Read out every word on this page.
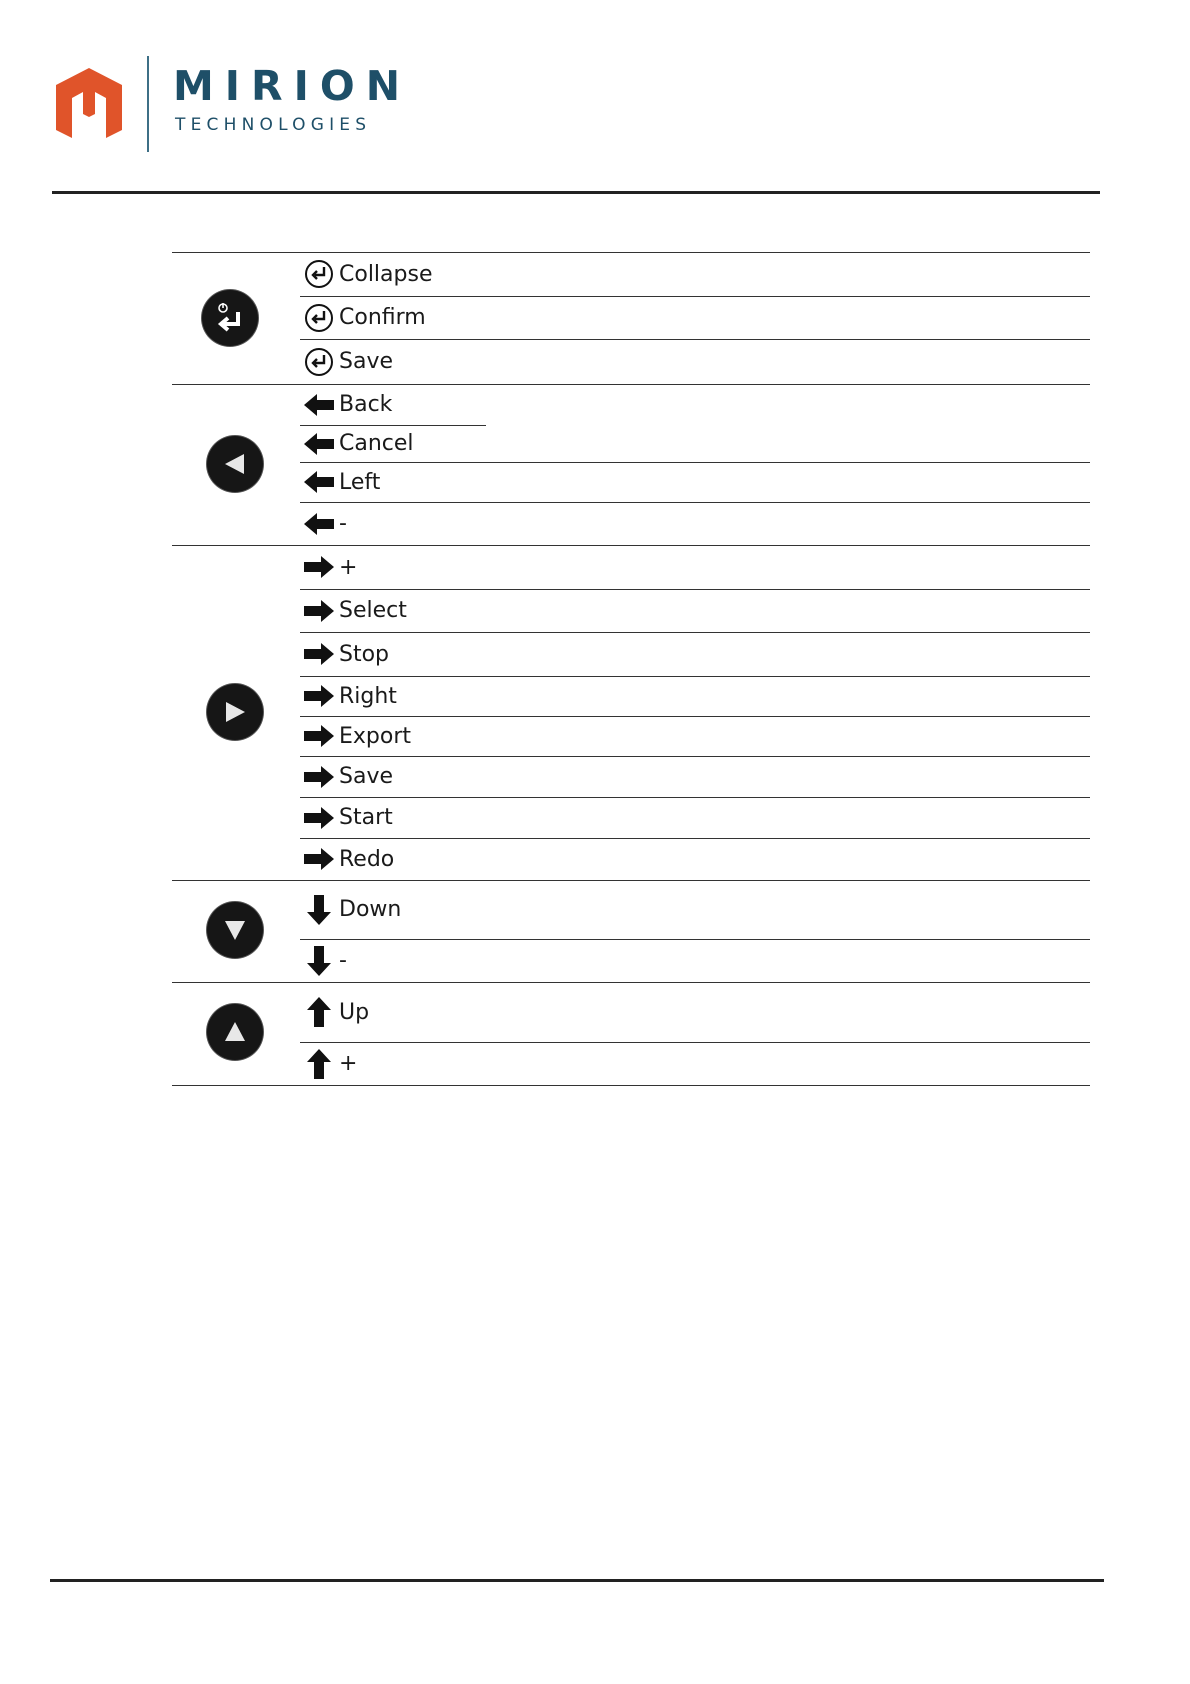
MIRION
TECHNOLOGIES
Collapse
Confirm
Save
Back
Cancel
Left
-
+
Select
Stop
Right
Export
Save
Start
Redo
Down
-
Up
+
